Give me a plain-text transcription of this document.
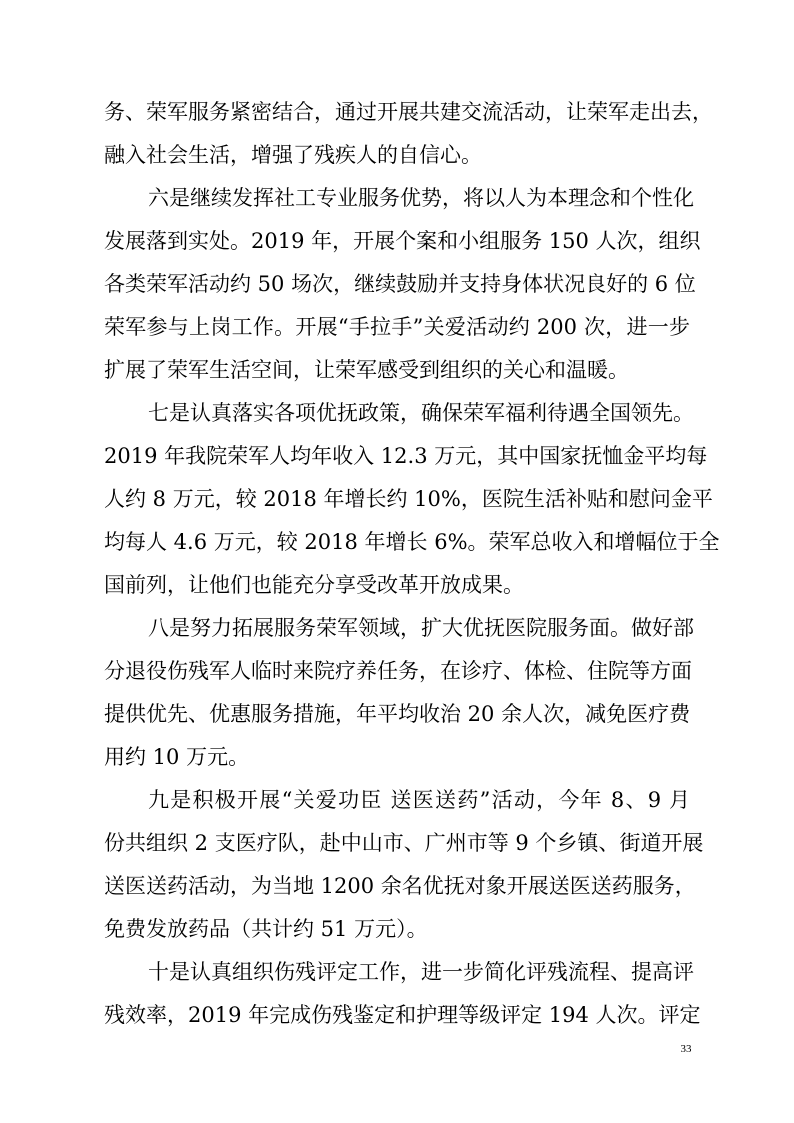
务、荣军服务紧密结合，通过开展共建交流活动，让荣军走出去，
融入社会生活，增强了残疾人的自信心。
六是继续发挥社工专业服务优势，将以人为本理念和个性化
发展落到实处。2019 年，开展个案和小组服务 150 人次，组织
各类荣军活动约 50 场次，继续鼓励并支持身体状况良好的 6 位
荣军参与上岗工作。开展“手拉手”关爱活动约 200 次，进一步
扩展了荣军生活空间，让荣军感受到组织的关心和温暖。
七是认真落实各项优抚政策，确保荣军福利待遇全国领先。
2019 年我院荣军人均年收入 12.3 万元，其中国家抚恤金平均每
人约 8 万元，较 2018 年增长约 10%，医院生活补贴和慰问金平
均每人 4.6 万元，较 2018 年增长 6%。荣军总收入和增幅位于全
国前列，让他们也能充分享受改革开放成果。
八是努力拓展服务荣军领域，扩大优抚医院服务面。做好部
分退役伤残军人临时来院疗养任务，在诊疗、体检、住院等方面
提供优先、优惠服务措施，年平均收治 20 余人次，减免医疗费
用约 10 万元。
九是积极开展“关爱功臣 送医送药”活动，今年 8、9 月
份共组织 2 支医疗队，赴中山市、广州市等 9 个乡镇、街道开展
送医送药活动，为当地 1200 余名优抚对象开展送医送药服务，
免费发放药品（共计约 51 万元）。
十是认真组织伤残评定工作，进一步简化评残流程、提高评
残效率，2019 年完成伤残鉴定和护理等级评定 194 人次。评定
33
